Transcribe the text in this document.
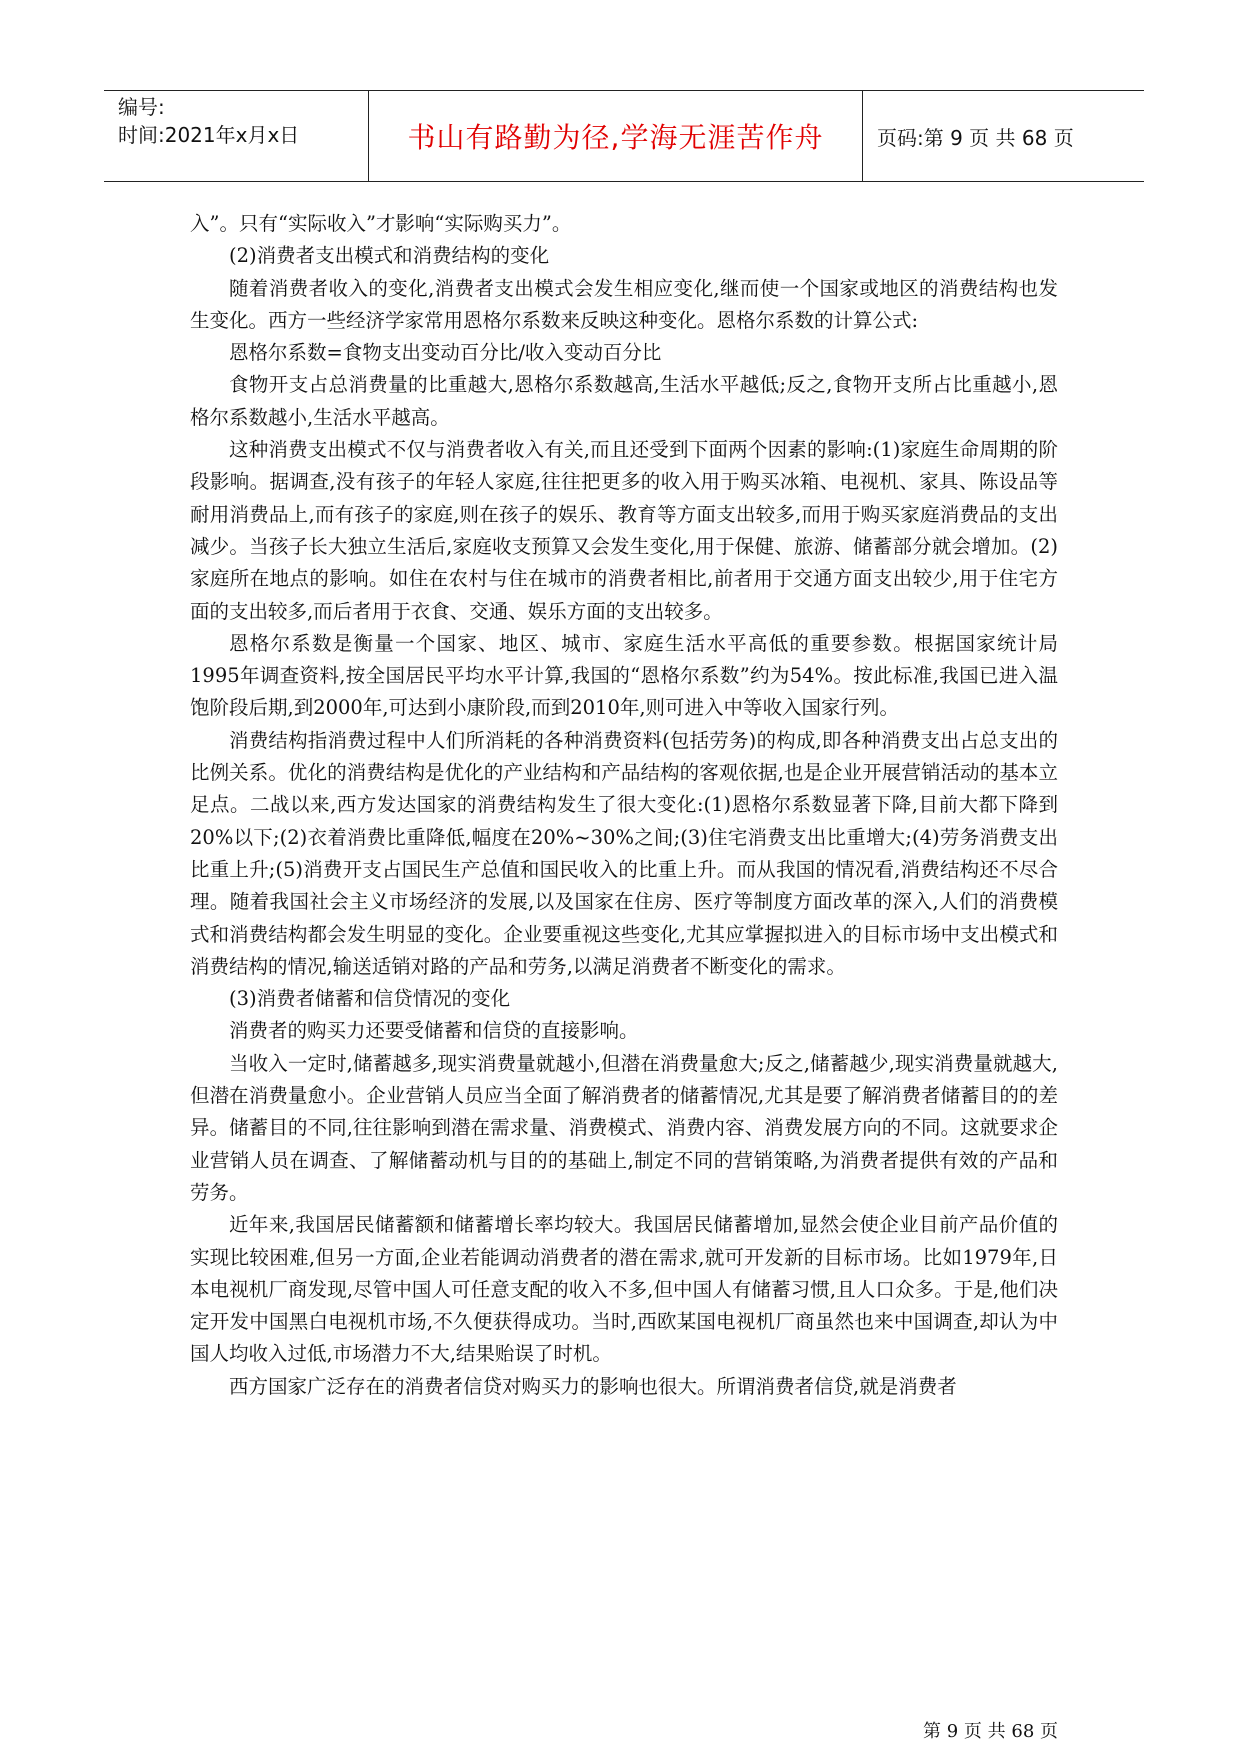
编号:
时间:2021年x月x日	书山有路勤为径,学海无涯苦作舟	页码:第 9 页 共 68 页

入”。只有“实际收入”才影响“实际购买力”。

(2)消费者支出模式和消费结构的变化

随着消费者收入的变化,消费者支出模式会发生相应变化,继而使一个国家或地区的消费结构也发生变化。西方一些经济学家常用恩格尔系数来反映这种变化。恩格尔系数的计算公式:

恩格尔系数=食物支出变动百分比/收入变动百分比

食物开支占总消费量的比重越大,恩格尔系数越高,生活水平越低;反之,食物开支所占比重越小,恩格尔系数越小,生活水平越高。

这种消费支出模式不仅与消费者收入有关,而且还受到下面两个因素的影响:(1)家庭生命周期的阶段影响。据调查,没有孩子的年轻人家庭,往往把更多的收入用于购买冰箱、电视机、家具、陈设品等耐用消费品上,而有孩子的家庭,则在孩子的娱乐、教育等方面支出较多,而用于购买家庭消费品的支出减少。当孩子长大独立生活后,家庭收支预算又会发生变化,用于保健、旅游、储蓄部分就会增加。(2)家庭所在地点的影响。如住在农村与住在城市的消费者相比,前者用于交通方面支出较少,用于住宅方面的支出较多,而后者用于衣食、交通、娱乐方面的支出较多。

恩格尔系数是衡量一个国家、地区、城市、家庭生活水平高低的重要参数。根据国家统计局1995年调查资料,按全国居民平均水平计算,我国的“恩格尔系数”约为54%。按此标准,我国已进入温饱阶段后期,到2000年,可达到小康阶段,而到2010年,则可进入中等收入国家行列。

消费结构指消费过程中人们所消耗的各种消费资料(包括劳务)的构成,即各种消费支出占总支出的比例关系。优化的消费结构是优化的产业结构和产品结构的客观依据,也是企业开展营销活动的基本立足点。二战以来,西方发达国家的消费结构发生了很大变化:(1)恩格尔系数显著下降,目前大都下降到20%以下;(2)衣着消费比重降低,幅度在20%~30%之间;(3)住宅消费支出比重增大;(4)劳务消费支出比重上升;(5)消费开支占国民生产总值和国民收入的比重上升。而从我国的情况看,消费结构还不尽合理。随着我国社会主义市场经济的发展,以及国家在住房、医疗等制度方面改革的深入,人们的消费模式和消费结构都会发生明显的变化。企业要重视这些变化,尤其应掌握拟进入的目标市场中支出模式和消费结构的情况,输送适销对路的产品和劳务,以满足消费者不断变化的需求。

(3)消费者储蓄和信贷情况的变化

消费者的购买力还要受储蓄和信贷的直接影响。

当收入一定时,储蓄越多,现实消费量就越小,但潜在消费量愈大;反之,储蓄越少,现实消费量就越大,但潜在消费量愈小。企业营销人员应当全面了解消费者的储蓄情况,尤其是要了解消费者储蓄目的的差异。储蓄目的不同,往往影响到潜在需求量、消费模式、消费内容、消费发展方向的不同。这就要求企业营销人员在调查、了解储蓄动机与目的的基础上,制定不同的营销策略,为消费者提供有效的产品和劳务。

近年来,我国居民储蓄额和储蓄增长率均较大。我国居民储蓄增加,显然会使企业目前产品价值的实现比较困难,但另一方面,企业若能调动消费者的潜在需求,就可开发新的目标市场。比如1979年,日本电视机厂商发现,尽管中国人可任意支配的收入不多,但中国人有储蓄习惯,且人口众多。于是,他们决定开发中国黑白电视机市场,不久便获得成功。当时,西欧某国电视机厂商虽然也来中国调查,却认为中国人均收入过低,市场潜力不大,结果贻误了时机。

西方国家广泛存在的消费者信贷对购买力的影响也很大。所谓消费者信贷,就是消费者

第 9 页 共 68 页
